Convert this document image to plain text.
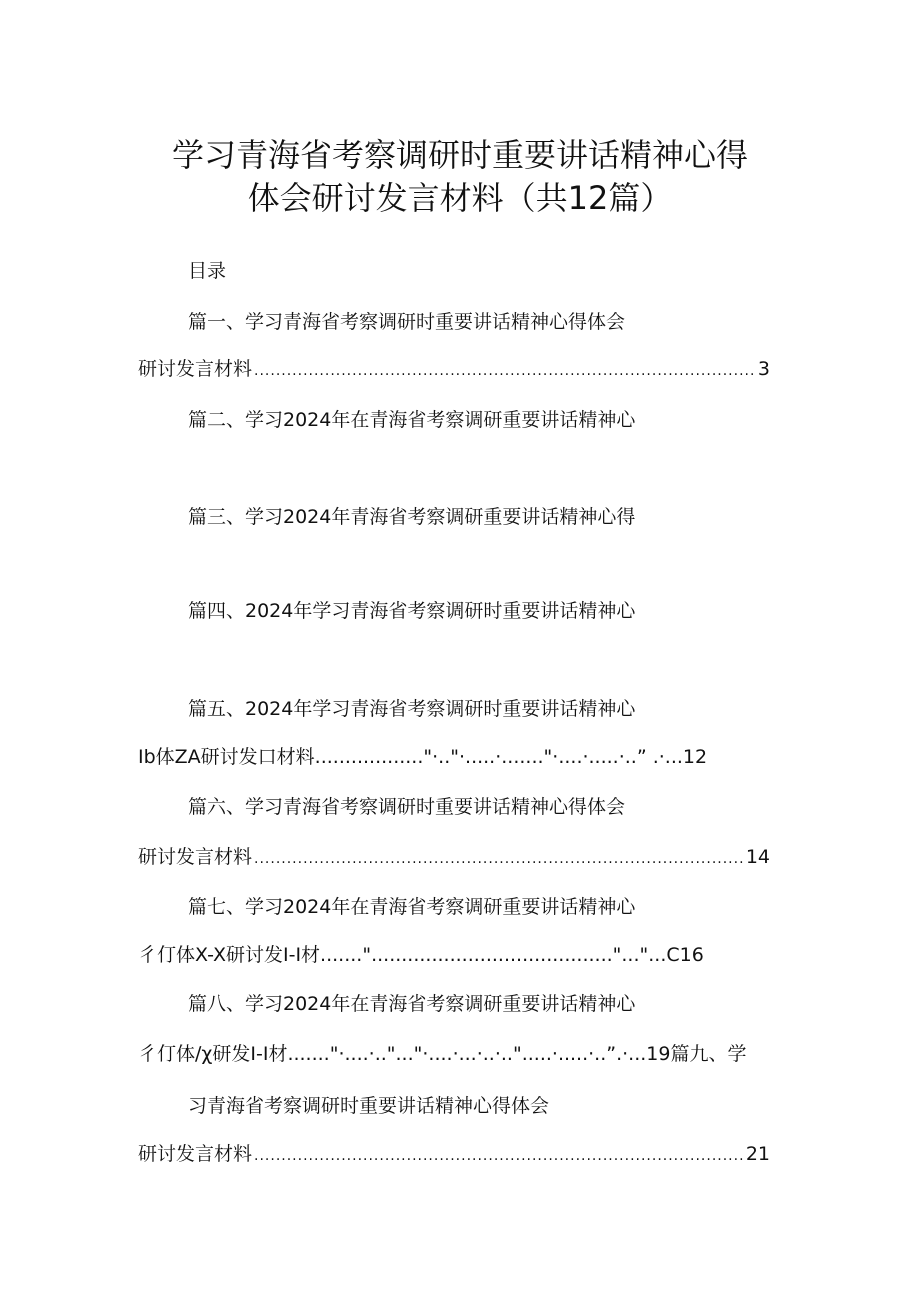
学习青海省考察调研时重要讲话精神心得
体会研讨发言材料（共12篇）
目录
篇一、学习青海省考察调研时重要讲话精神心得体会
研讨发言材料 .....	3
篇二、学习2024年在青海省考察调研重要讲话精神心
篇三、学习2024年青海省考察调研重要讲话精神心得
篇四、2024年学习青海省考察调研时重要讲话精神心
篇五、2024年学习青海省考察调研时重要讲话精神心
Ib体ZA研讨发口材料.................."·.."·.....·......."·....·.....·..” .·...12
篇六、学习青海省考察调研时重要讲话精神心得体会
研讨发言材料 .....	14
篇七、学习2024年在青海省考察调研重要讲话精神心
彳仃体X-X研讨发I-I材......."........................................"..."...C16
篇八、学习2024年在青海省考察调研重要讲话精神心
彳仃体∕χ研发I-I材......."·....·.."..."·....·...·..·..".....·.....·..”.·...19篇九、学
习青海省考察调研时重要讲话精神心得体会
研讨发言材料 .....	21
